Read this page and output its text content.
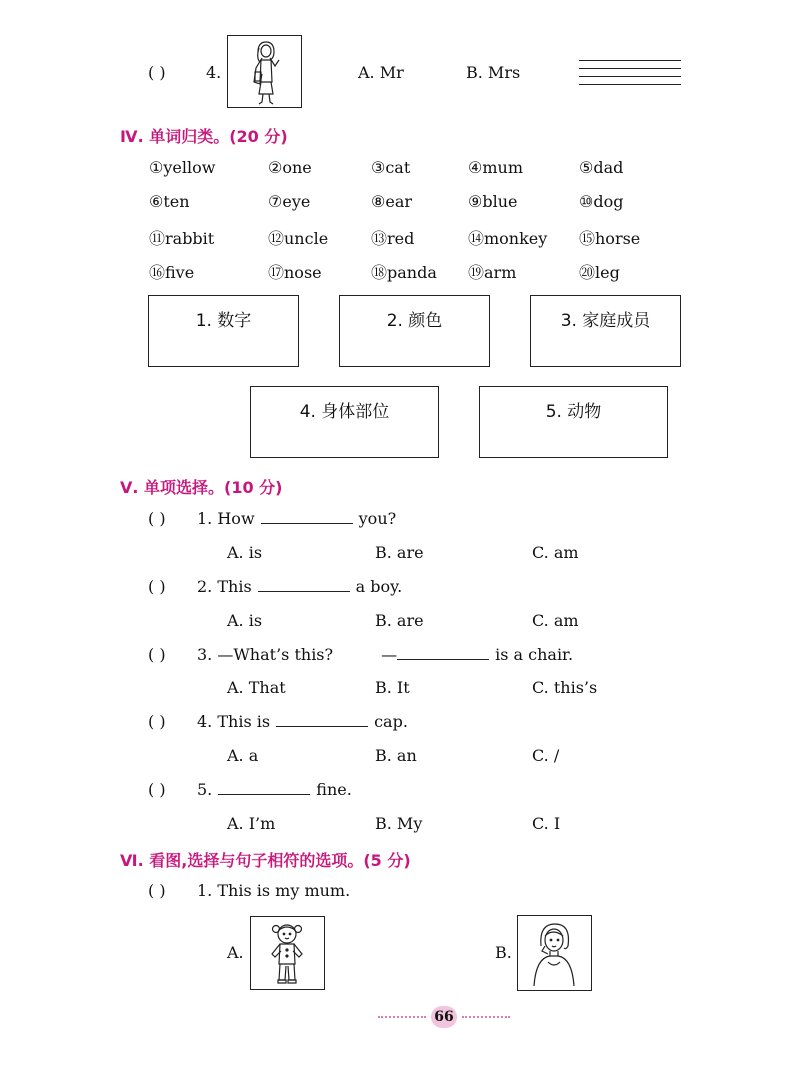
( )	4.	A. Mr	B. Mrs
Ⅳ. 单词归类。(20 分)
①yellow	②one	③cat	④mum	⑤dad
⑥ten	⑦eye	⑧ear	⑨blue	⑩dog
⑪rabbit	⑫uncle	⑬red	⑭monkey ⑮horse
⑯five	⑰nose	⑱panda ⑲arm	⑳leg
1. 数字	2. 颜色	3. 家庭成员
4. 身体部位	5. 动物
Ⅴ. 单项选择。(10 分)
( ) 1. How	you?
A. is	B. are	C. am
( ) 2. This	a boy.
A. is	B. are	C. am
( ) 3. —What’s this?	—	is a chair.
A. That	B. It	C. this’s
( ) 4. This is	cap.
A. a	B. an	C. /
( ) 5.	fine.
A. I’m	B. My	C. I
Ⅵ. 看图,选择与句子相符的选项。(5 分)
( ) 1. This is my mum.
A.	B.
66
